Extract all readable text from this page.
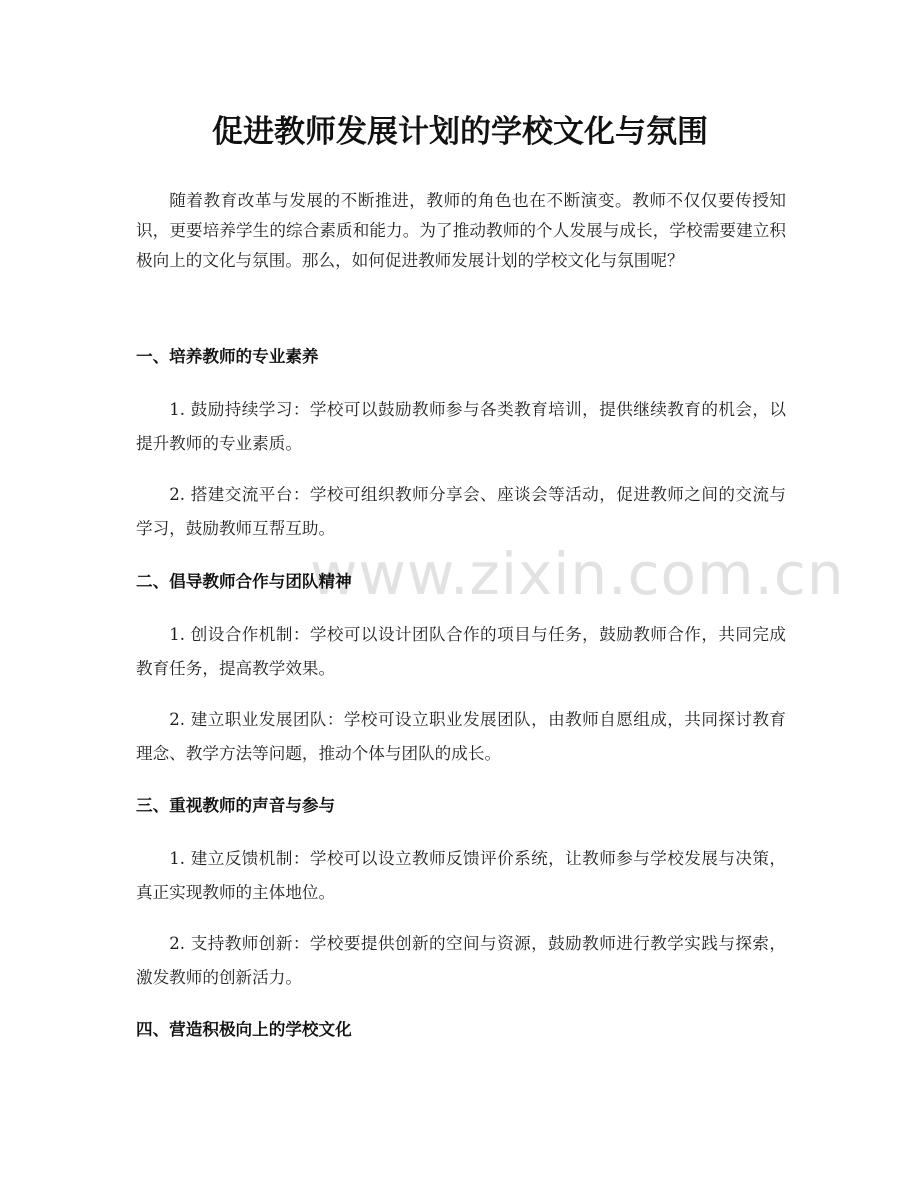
www.zixin.com.cn
促进教师发展计划的学校文化与氛围

随着教育改革与发展的不断推进，教师的角色也在不断演变。教师不仅仅要传授知识，更要培养学生的综合素质和能力。为了推动教师的个人发展与成长，学校需要建立积极向上的文化与氛围。那么，如何促进教师发展计划的学校文化与氛围呢？

一、培养教师的专业素养

1. 鼓励持续学习：学校可以鼓励教师参与各类教育培训，提供继续教育的机会，以提升教师的专业素质。

2. 搭建交流平台：学校可组织教师分享会、座谈会等活动，促进教师之间的交流与学习，鼓励教师互帮互助。

二、倡导教师合作与团队精神

1. 创设合作机制：学校可以设计团队合作的项目与任务，鼓励教师合作，共同完成教育任务，提高教学效果。

2. 建立职业发展团队：学校可设立职业发展团队，由教师自愿组成，共同探讨教育理念、教学方法等问题，推动个体与团队的成长。

三、重视教师的声音与参与

1. 建立反馈机制：学校可以设立教师反馈评价系统，让教师参与学校发展与决策，真正实现教师的主体地位。

2. 支持教师创新：学校要提供创新的空间与资源，鼓励教师进行教学实践与探索，激发教师的创新活力。

四、营造积极向上的学校文化
